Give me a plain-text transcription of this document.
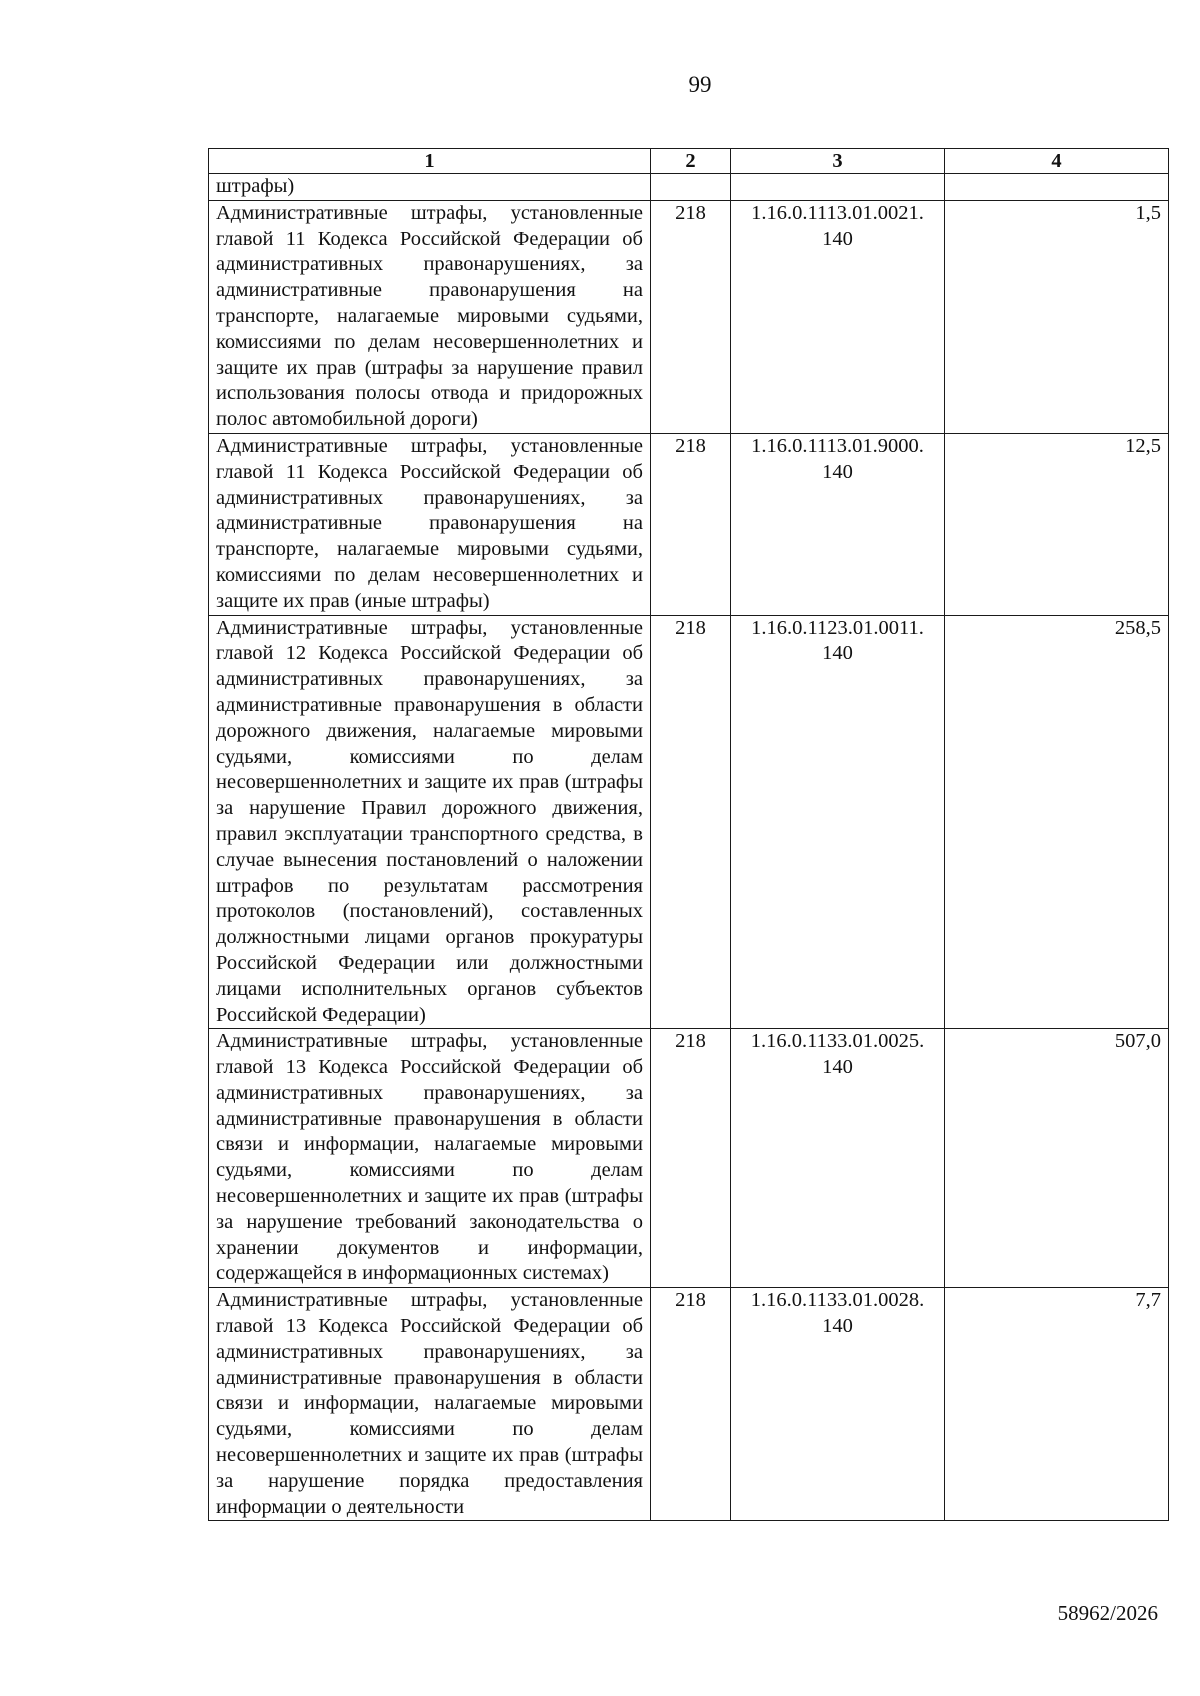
99
1	2	3	4
штрафы)			
Административные штрафы, установленные главой 11 Кодекса Российской Федерации об административных правонарушениях, за административные правонарушения на транспорте, налагаемые мировыми судьями, комиссиями по делам несовершеннолетних и защите их прав (штрафы за нарушение правил использования полосы отвода и придорожных полос автомобильной дороги)	218	1.16.0.1113.01.0021. 140	1,5
Административные штрафы, установленные главой 11 Кодекса Российской Федерации об административных правонарушениях, за административные правонарушения на транспорте, налагаемые мировыми судьями, комиссиями по делам несовершеннолетних и защите их прав (иные штрафы)	218	1.16.0.1113.01.9000. 140	12,5
Административные штрафы, установленные главой 12 Кодекса Российской Федерации об административных правонарушениях, за административные правонарушения в области дорожного движения, налагаемые мировыми судьями, комиссиями по делам несовершеннолетних и защите их прав (штрафы за нарушение Правил дорожного движения, правил эксплуатации транспортного средства, в случае вынесения постановлений о наложении штрафов по результатам рассмотрения протоколов (постановлений), составленных должностными лицами органов прокуратуры Российской Федерации или должностными лицами исполнительных органов субъектов Российской Федерации)	218	1.16.0.1123.01.0011. 140	258,5
Административные штрафы, установленные главой 13 Кодекса Российской Федерации об административных правонарушениях, за административные правонарушения в области связи и информации, налагаемые мировыми судьями, комиссиями по делам несовершеннолетних и защите их прав (штрафы за нарушение требований законодательства о хранении документов и информации, содержащейся в информационных системах)	218	1.16.0.1133.01.0025. 140	507,0
Административные штрафы, установленные главой 13 Кодекса Российской Федерации об административных правонарушениях, за административные правонарушения в области связи и информации, налагаемые мировыми судьями, комиссиями по делам несовершеннолетних и защите их прав (штрафы за нарушение порядка предоставления информации о деятельности	218	1.16.0.1133.01.0028. 140	7,7
58962/2026
